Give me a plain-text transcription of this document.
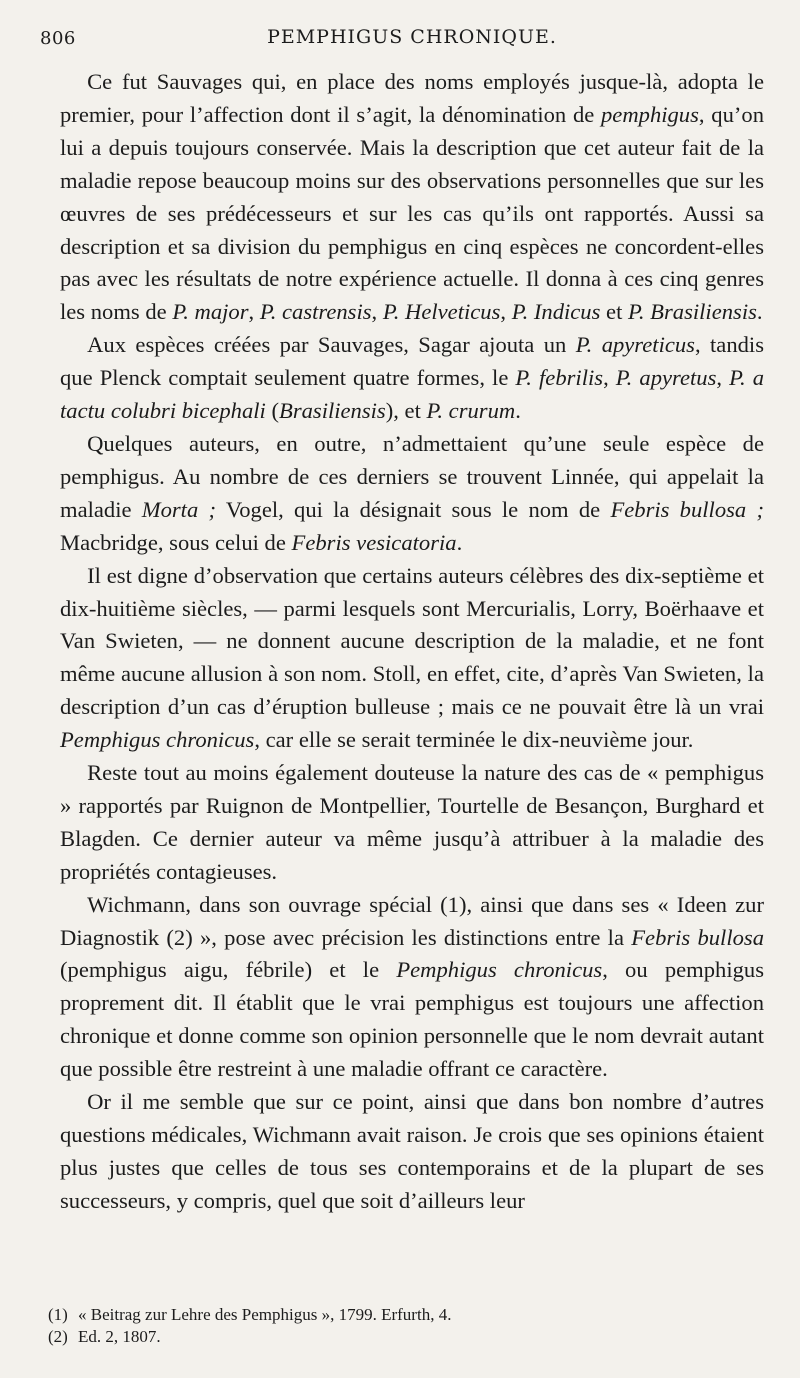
806	PEMPHIGUS CHRONIQUE.

Ce fut Sauvages qui, en place des noms employés jusque-là, adopta le premier, pour l’affection dont il s’agit, la dénomination de pemphigus, qu’on lui a depuis toujours conservée. Mais la description que cet auteur fait de la maladie repose beaucoup moins sur des observations personnelles que sur les œuvres de ses prédécesseurs et sur les cas qu’ils ont rapportés. Aussi sa description et sa division du pemphigus en cinq espèces ne concordent-elles pas avec les résultats de notre expérience actuelle. Il donna à ces cinq genres les noms de P. major, P. castrensis, P. Helveticus, P. Indicus et P. Brasiliensis.

Aux espèces créées par Sauvages, Sagar ajouta un P. apyreticus, tandis que Plenck comptait seulement quatre formes, le P. febrilis, P. apyretus, P. a tactu colubri bicephali (Brasiliensis), et P. crurum.

Quelques auteurs, en outre, n’admettaient qu’une seule espèce de pemphigus. Au nombre de ces derniers se trouvent Linnée, qui appelait la maladie Morta ; Vogel, qui la désignait sous le nom de Febris bullosa ; Macbridge, sous celui de Febris vesicatoria.

Il est digne d’observation que certains auteurs célèbres des dix-septième et dix-huitième siècles, — parmi lesquels sont Mercurialis, Lorry, Boërhaave et Van Swieten, — ne donnent aucune description de la maladie, et ne font même aucune allusion à son nom. Stoll, en effet, cite, d’après Van Swieten, la description d’un cas d’éruption bulleuse ; mais ce ne pouvait être là un vrai Pemphigus chronicus, car elle se serait terminée le dix-neuvième jour.

Reste tout au moins également douteuse la nature des cas de « pemphigus » rapportés par Ruignon de Montpellier, Tourtelle de Besançon, Burghard et Blagden. Ce dernier auteur va même jusqu’à attribuer à la maladie des propriétés contagieuses.

Wichmann, dans son ouvrage spécial (1), ainsi que dans ses « Ideen zur Diagnostik (2) », pose avec précision les distinctions entre la Febris bullosa (pemphigus aigu, fébrile) et le Pemphigus chronicus, ou pemphigus proprement dit. Il établit que le vrai pemphigus est toujours une affection chronique et donne comme son opinion personnelle que le nom devrait autant que possible être restreint à une maladie offrant ce caractère.

Or il me semble que sur ce point, ainsi que dans bon nombre d’autres questions médicales, Wichmann avait raison. Je crois que ses opinions étaient plus justes que celles de tous ses contemporains et de la plupart de ses successeurs, y compris, quel que soit d’ailleurs leur

(1) « Beitrag zur Lehre des Pemphigus », 1799. Erfurth, 4.
(2) Ed. 2, 1807.
